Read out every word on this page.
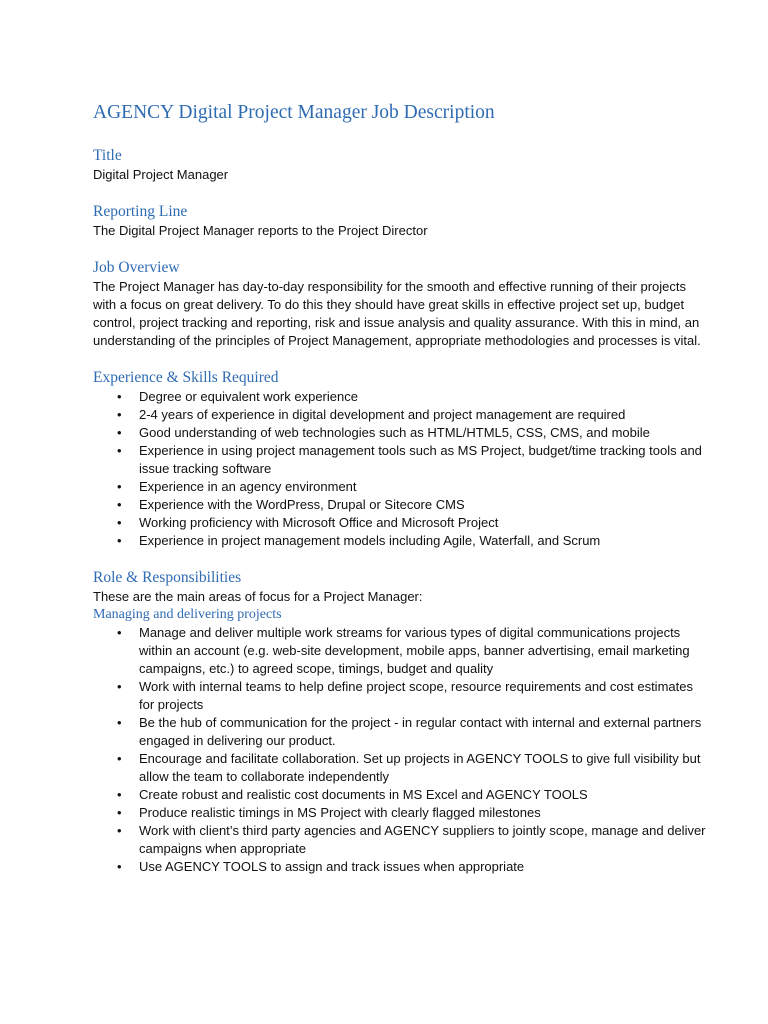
AGENCY Digital Project Manager Job Description
Title

Digital Project Manager

Reporting Line

The Digital Project Manager reports to the Project Director

Job Overview

The Project Manager has day-to-day responsibility for the smooth and effective running of their projects with a focus on great delivery. To do this they should have great skills in effective project set up, budget control, project tracking and reporting, risk and issue analysis and quality assurance. With this in mind, an understanding of the principles of Project Management, appropriate methodologies and processes is vital.

Experience & Skills Required
• Degree or equivalent work experience
• 2-4 years of experience in digital development and project management are required
• Good understanding of web technologies such as HTML/HTML5, CSS, CMS, and mobile
• Experience in using project management tools such as MS Project, budget/time tracking tools and issue tracking software
• Experience in an agency environment
• Experience with the WordPress, Drupal or Sitecore CMS
• Working proficiency with Microsoft Office and Microsoft Project
• Experience in project management models including Agile, Waterfall, and Scrum
Role & Responsibilities

These are the main areas of focus for a Project Manager:

Managing and delivering projects
• Manage and deliver multiple work streams for various types of digital communications projects within an account (e.g. web-site development, mobile apps, banner advertising, email marketing campaigns, etc.) to agreed scope, timings, budget and quality
• Work with internal teams to help define project scope, resource requirements and cost estimates for projects
• Be the hub of communication for the project - in regular contact with internal and external partners engaged in delivering our product.
• Encourage and facilitate collaboration. Set up projects in AGENCY TOOLS to give full visibility but allow the team to collaborate independently
• Create robust and realistic cost documents in MS Excel and AGENCY TOOLS
• Produce realistic timings in MS Project with clearly flagged milestones
• Work with client’s third party agencies and AGENCY suppliers to jointly scope, manage and deliver campaigns when appropriate
• Use AGENCY TOOLS to assign and track issues when appropriate
